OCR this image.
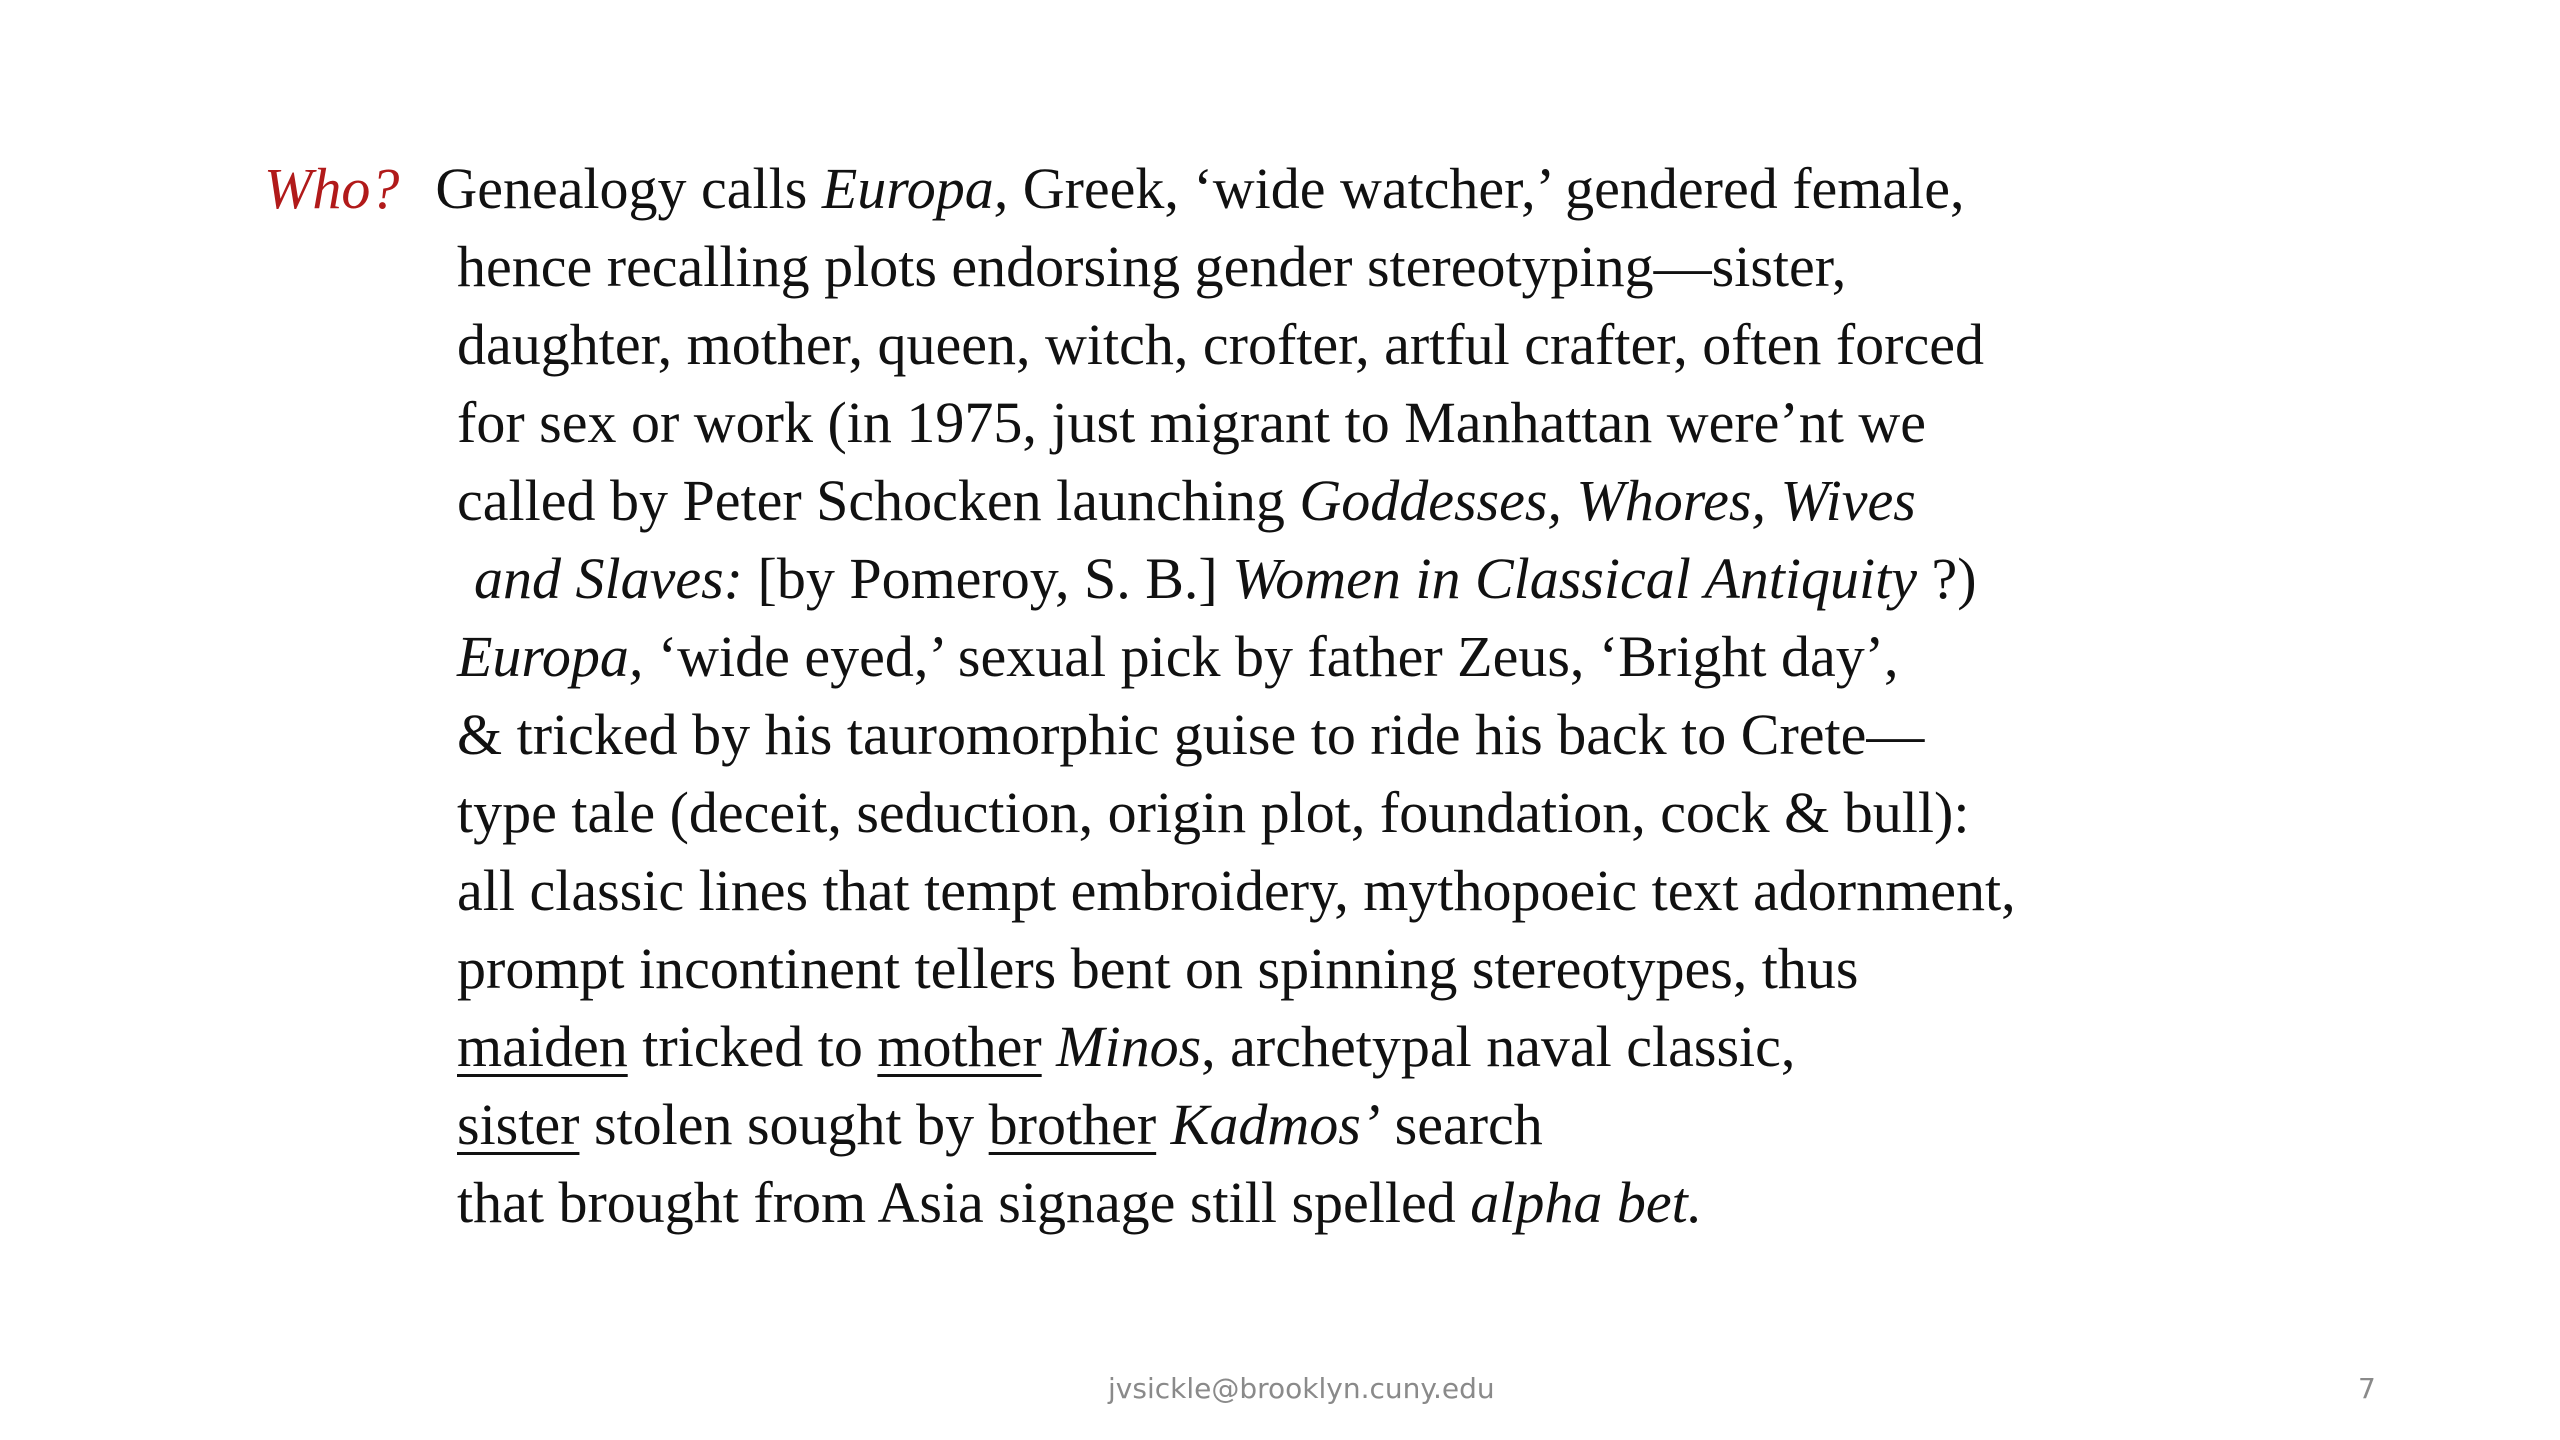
Who? Genealogy calls Europa, Greek, ‘wide watcher,’ gendered female,
hence recalling plots endorsing gender stereotyping—sister,
daughter, mother, queen, witch, crofter, artful crafter, often forced
for sex or work (in 1975, just migrant to Manhattan were’nt we
called by Peter Schocken launching Goddesses, Whores, Wives
and Slaves: [by Pomeroy, S. B.] Women in Classical Antiquity ?)
Europa, ‘wide eyed,’ sexual pick by father Zeus, ‘Bright day’,
& tricked by his tauromorphic guise to ride his back to Crete—
type tale (deceit, seduction, origin plot, foundation, cock & bull):
all classic lines that tempt embroidery, mythopoeic text adornment,
prompt incontinent tellers bent on spinning stereotypes, thus
maiden tricked to mother Minos, archetypal naval classic,
sister stolen sought by brother Kadmos’ search
that brought from Asia signage still spelled alpha bet.
jvsickle@brooklyn.cuny.edu	7
